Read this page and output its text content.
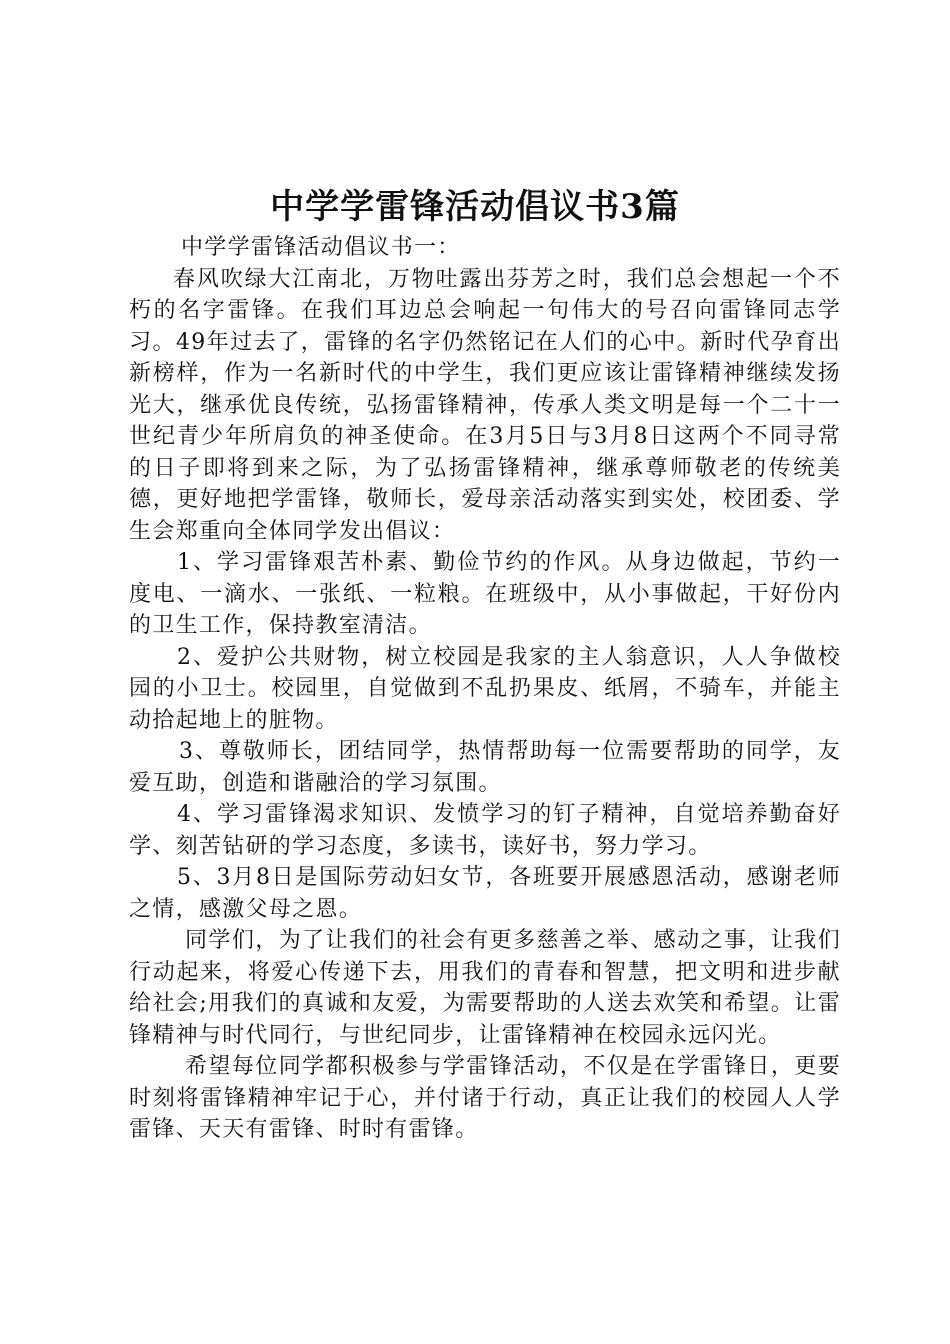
中学学雷锋活动倡议书3篇

中学学雷锋活动倡议书一：

春风吹绿大江南北，万物吐露出芬芳之时，我们总会想起一个不朽的名字雷锋。在我们耳边总会响起一句伟大的号召向雷锋同志学习。49年过去了，雷锋的名字仍然铭记在人们的心中。新时代孕育出新榜样，作为一名新时代的中学生，我们更应该让雷锋精神继续发扬光大，继承优良传统，弘扬雷锋精神，传承人类文明是每一个二十一世纪青少年所肩负的神圣使命。在3月5日与3月8日这两个不同寻常的日子即将到来之际，为了弘扬雷锋精神，继承尊师敬老的传统美德，更好地把学雷锋，敬师长，爱母亲活动落实到实处，校团委、学生会郑重向全体同学发出倡议：

1、学习雷锋艰苦朴素、勤俭节约的作风。从身边做起，节约一度电、一滴水、一张纸、一粒粮。在班级中，从小事做起，干好份内的卫生工作，保持教室清洁。

2、爱护公共财物，树立校园是我家的主人翁意识，人人争做校园的小卫士。校园里，自觉做到不乱扔果皮、纸屑，不骑车，并能主动拾起地上的脏物。

3、尊敬师长，团结同学，热情帮助每一位需要帮助的同学，友爱互助，创造和谐融洽的学习氛围。

4、学习雷锋渴求知识、发愤学习的钉子精神，自觉培养勤奋好学、刻苦钻研的学习态度，多读书，读好书，努力学习。

5、3月8日是国际劳动妇女节，各班要开展感恩活动，感谢老师之情，感激父母之恩。

同学们，为了让我们的社会有更多慈善之举、感动之事，让我们行动起来，将爱心传递下去，用我们的青春和智慧，把文明和进步献给社会;用我们的真诚和友爱，为需要帮助的人送去欢笑和希望。让雷锋精神与时代同行，与世纪同步，让雷锋精神在校园永远闪光。

希望每位同学都积极参与学雷锋活动，不仅是在学雷锋日，更要时刻将雷锋精神牢记于心，并付诸于行动，真正让我们的校园人人学雷锋、天天有雷锋、时时有雷锋。
